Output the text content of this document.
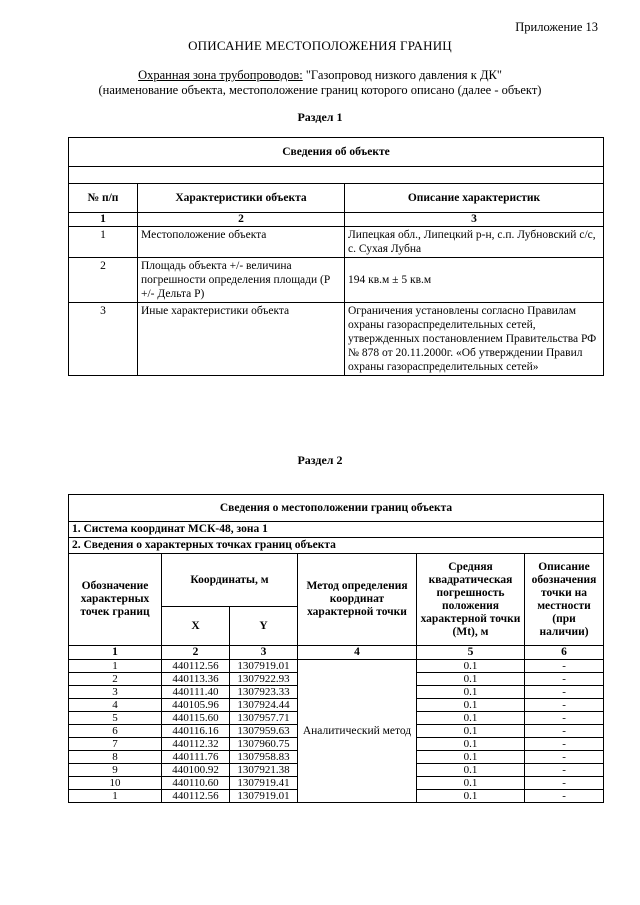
Приложение 13
ОПИСАНИЕ МЕСТОПОЛОЖЕНИЯ ГРАНИЦ
Охранная зона трубопроводов: "Газопровод низкого давления к ДК"
(наименование объекта, местоположение границ которого описано (далее - объект)
Раздел 1
Сведения об объекте		

№ п/п	Характеристики объекта	Описание характеристик
1	2	3
1	Местоположение объекта	Липецкая обл., Липецкий р-н, с.п. Лубновский с/с, с. Сухая Лубна
2	Площадь объекта +/- величина погрешности определения площади (Р +/- Дельта Р)	194 кв.м ± 5 кв.м
3	Иные характеристики объекта	Ограничения установлены согласно Правилам охраны газораспределительных сетей, утвержденных постановлением Правительства РФ № 878 от 20.11.2000г. «Об утверждении Правил охраны газораспределительных сетей»
Раздел 2
Сведения о местоположении границ объекта					
1. Система координат МСК-48, зона 1					
2. Сведения о характерных точках границ объекта					
Обозначение характерных точек границ	Координаты, м		Метод определения координат характерной точки	Средняя квадратическая погрешность положения характерной точки (Mt), м	Описание обозначения точки на местности (при наличии)
	X	Y			
1	2	3	4	5	6
1	440112.56	1307919.01	Аналитический метод	0.1	-
2	440113.36	1307922.93		0.1	-
3	440111.40	1307923.33		0.1	-
4	440105.96	1307924.44		0.1	-
5	440115.60	1307957.71		0.1	-
6	440116.16	1307959.63		0.1	-
7	440112.32	1307960.75		0.1	-
8	440111.76	1307958.83		0.1	-
9	440100.92	1307921.38		0.1	-
10	440110.60	1307919.41		0.1	-
1	440112.56	1307919.01		0.1	-
